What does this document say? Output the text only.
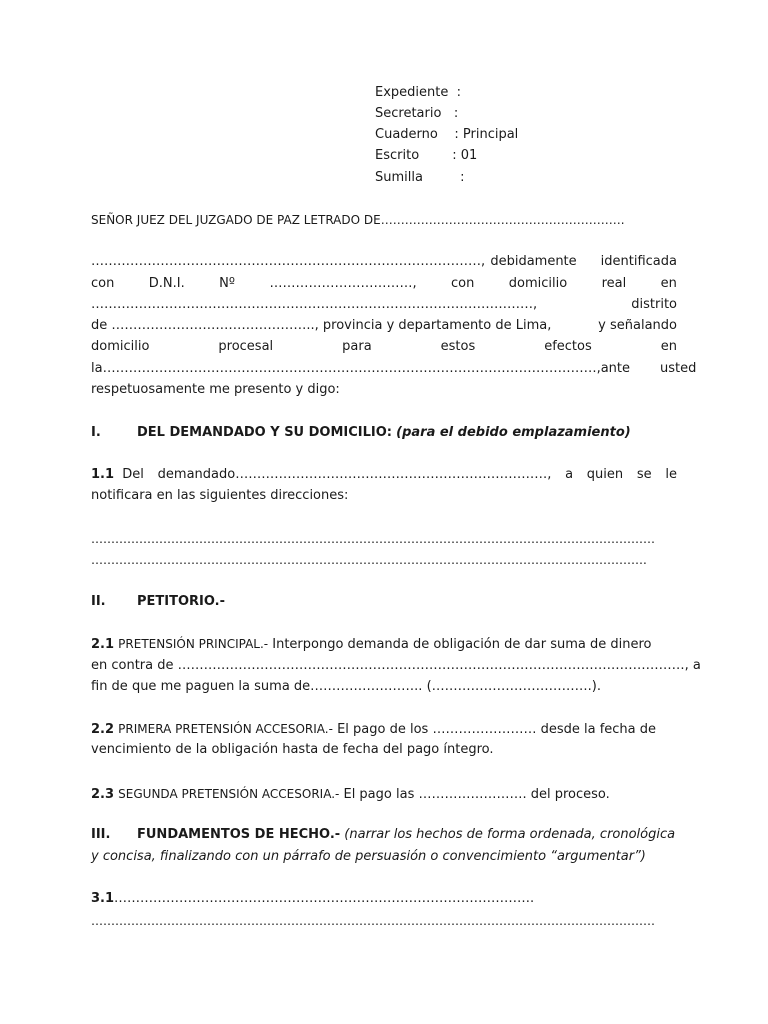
Expediente  :
Secretario   :
Cuaderno    : Principal
Escrito        : 01
Sumilla         :
SEÑOR JUEZ DEL JUZGADO DE PAZ LETRADO DE…………………………………………………….
………………………………………………………………………………, debidamente identificada
con	D.N.I.	Nº	……………………………,	con	domicilio	real	en
…………………………………………………………………………………………,	distrito
de ……………………………………….., provincia y departamento de Lima,	y señalando
domicilio	procesal	para	estos	efectos	en
la……………………………………………………………………………………………………, ante usted
respetuosamente me presento y digo:
I.	DEL DEMANDADO Y SU DOMICILIO: (para el debido emplazamiento)
1.1 Del demandado………………………………………………………………, a quien se le
notificara en las siguientes direcciones:
……………………………………………………………………………………………………………………………
………………………………………………………………………………………………………………………….
II. PETITORIO.-
2.1 PRETENSIÓN PRINCIPAL.- Interpongo demanda de obligación de dar suma de dinero
en contra de ………………………………………………………………………………………………………, a
fin de que me paguen la suma de…………………….. (……………………………….).
2.2 PRIMERA PRETENSIÓN ACCESORIA.- El pago de los …………………… desde la fecha de
vencimiento de la obligación hasta de fecha del pago íntegro.
2.3 SEGUNDA PRETENSIÓN ACCESORIA.- El pago las ……………………. del proceso.
III. FUNDAMENTOS DE HECHO.- (narrar los hechos de forma ordenada, cronológica
y concisa, finalizando con un párrafo de persuasión o convencimiento “argumentar”)
3.1…………………………………………………………………………………….
……………………………………………………………………………………………………………………………
